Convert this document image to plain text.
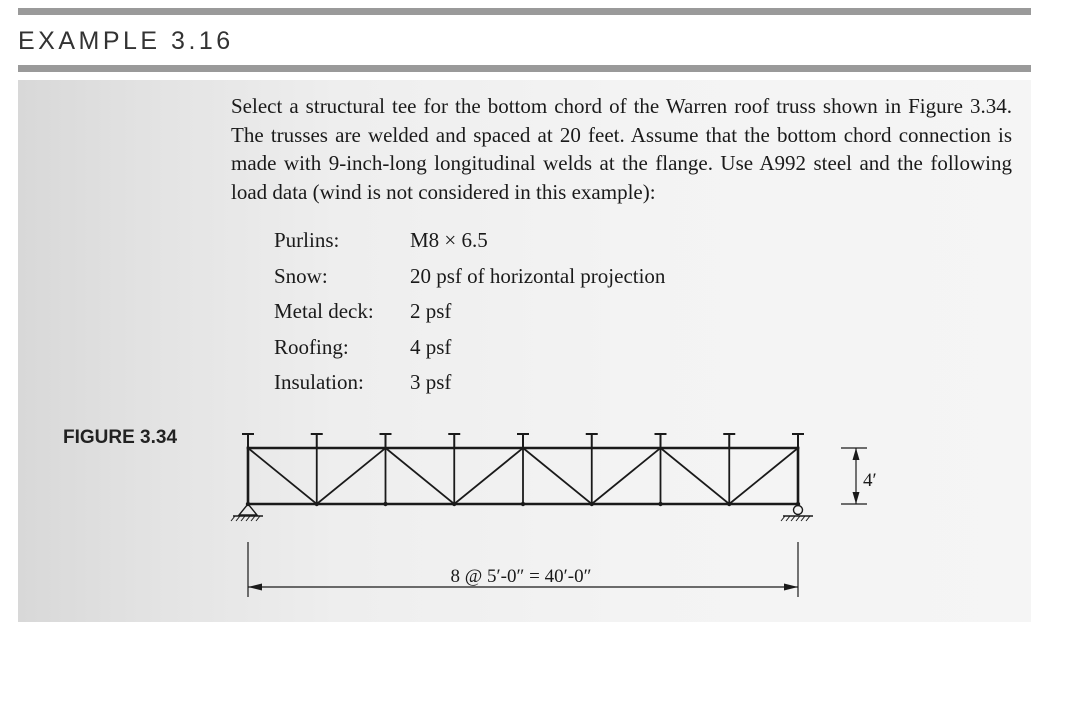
EXAMPLE 3.16

Select a structural tee for the bottom chord of the Warren roof truss shown in Figure 3.34. The trusses are welded and spaced at 20 feet. Assume that the bottom chord connection is made with 9-inch-long longitudinal welds at the flange. Use A992 steel and the following load data (wind is not considered in this example):

Purlins:	M8 × 6.5
Snow:	20 psf of horizontal projection
Metal deck:	2 psf
Roofing:	4 psf
Insulation:	3 psf
FIGURE 3.34
8 @ 5′-0″ = 40′-0″
4′
